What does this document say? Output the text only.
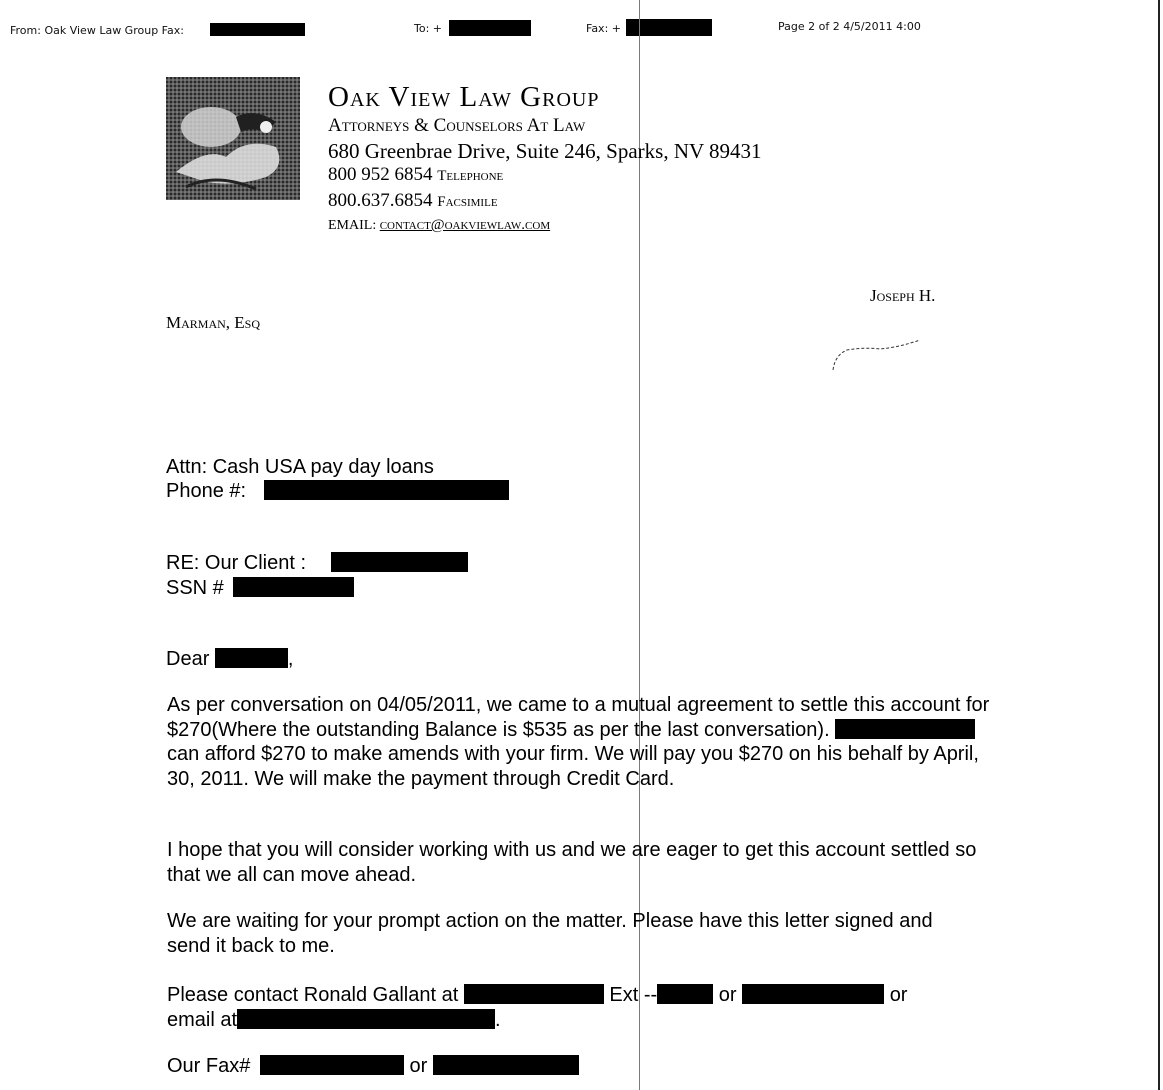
From: Oak View Law Group Fax:	To: +	Fax: +	Page 2 of 2 4/5/2011 4:00
Oak View Law Group
Attorneys & Counselors At Law
680 Greenbrae Drive, Suite 246, Sparks, NV 89431
800 952 6854 Telephone
800.637.6854 Facsimile
EMAIL: contact@oakviewlaw.com
Joseph H.
Marman, Esq
Attn: Cash USA pay day loans
Phone #:
RE: Our Client :
SSN #
Dear	,
As per conversation on 04/05/2011, we came to a mutual agreement to settle this account for $270(Where the outstanding Balance is $535 as per the last conversation).  can afford $270 to make amends with your firm. We will pay you $270 on his behalf by April, 30, 2011. We will make the payment through Credit Card.
I hope that you will consider working with us and we are eager to get this account settled so that we all can move ahead.
We are waiting for your prompt action on the matter. Please have this letter signed and send it back to me.
Please contact Ronald Gallant at	Ext --	or	or
email at	.
Our Fax#	or
